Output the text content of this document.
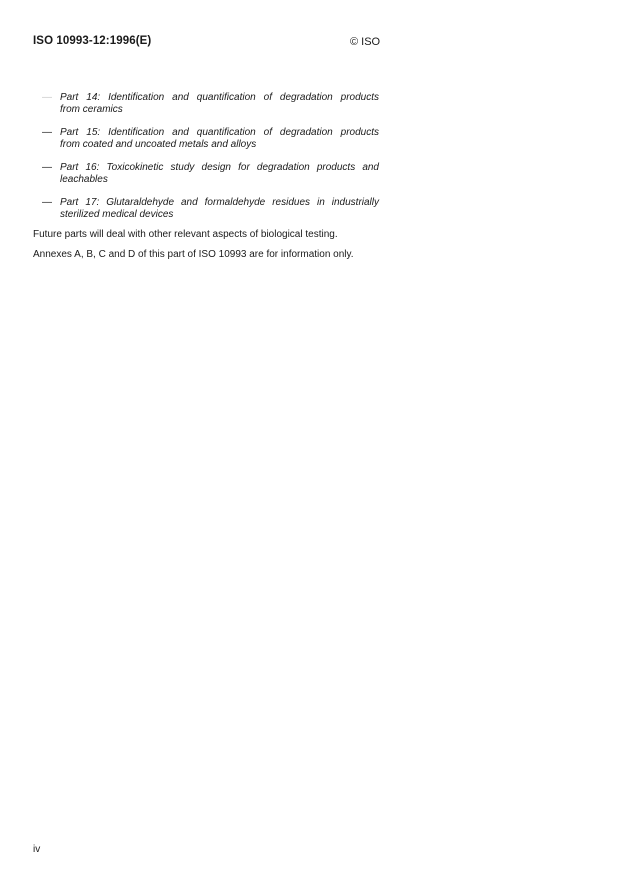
ISO 10993-12:1996(E)	© ISO
— Part 14: Identification and quantification of degradation products
from ceramics
— Part 15: Identification and quantification of degradation products
from coated and uncoated metals and alloys
— Part 16: Toxicokinetic study design for degradation products and
leachables
— Part 17: Glutaraldehyde and formaldehyde residues in industrially
sterilized medical devices
Future parts will deal with other relevant aspects of biological testing.
Annexes A, B, C and D of this part of ISO 10993 are for information only.
iv
